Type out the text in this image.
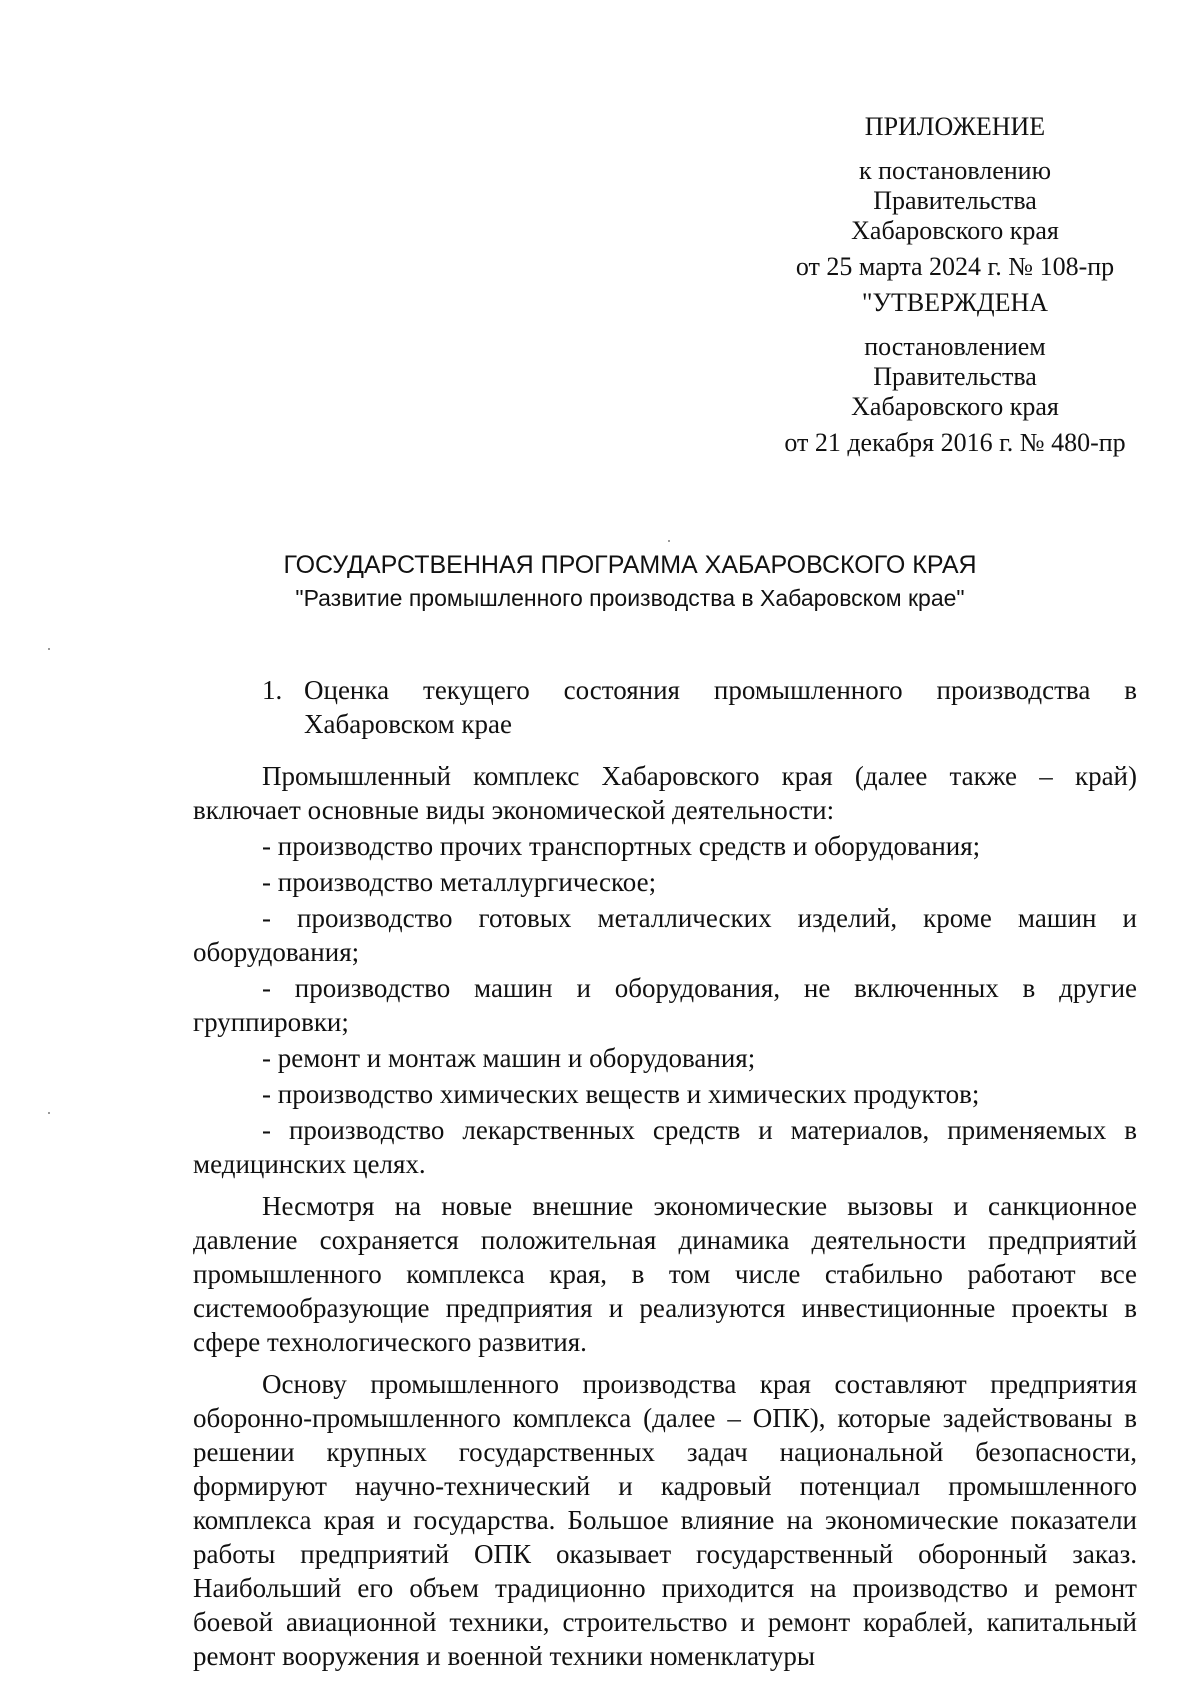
ПРИЛОЖЕНИЕ
к постановлению
Правительства
Хабаровского края
от 25 марта 2024 г. № 108-пр
"УТВЕРЖДЕНА
постановлением
Правительства
Хабаровского края
от 21 декабря 2016 г. № 480-пр
ГОСУДАРСТВЕННАЯ ПРОГРАММА ХАБАРОВСКОГО КРАЯ
"Развитие промышленного производства в Хабаровском крае"
1. Оценка текущего состояния промышленного производства в Хабаровском крае

Промышленный комплекс Хабаровского края (далее также – край) включает основные виды экономической деятельности:

- производство прочих транспортных средств и оборудования;

- производство металлургическое;

- производство готовых металлических изделий, кроме машин и оборудования;

- производство машин и оборудования, не включенных в другие группировки;

- ремонт и монтаж машин и оборудования;

- производство химических веществ и химических продуктов;

- производство лекарственных средств и материалов, применяемых в медицинских целях.

Несмотря на новые внешние экономические вызовы и санкционное давление сохраняется положительная динамика деятельности предприятий промышленного комплекса края, в том числе стабильно работают все системообразующие предприятия и реализуются инвестиционные проекты в сфере технологического развития.

Основу промышленного производства края составляют предприятия оборонно-промышленного комплекса (далее – ОПК), которые задействованы в решении крупных государственных задач национальной безопасности, формируют научно-технический и кадровый потенциал промышленного комплекса края и государства. Большое влияние на экономические показатели работы предприятий ОПК оказывает государственный оборонный заказ. Наибольший его объем традиционно приходится на производство и ремонт боевой авиационной техники, строительство и ремонт кораблей, капитальный ремонт вооружения и военной техники номенклатуры
